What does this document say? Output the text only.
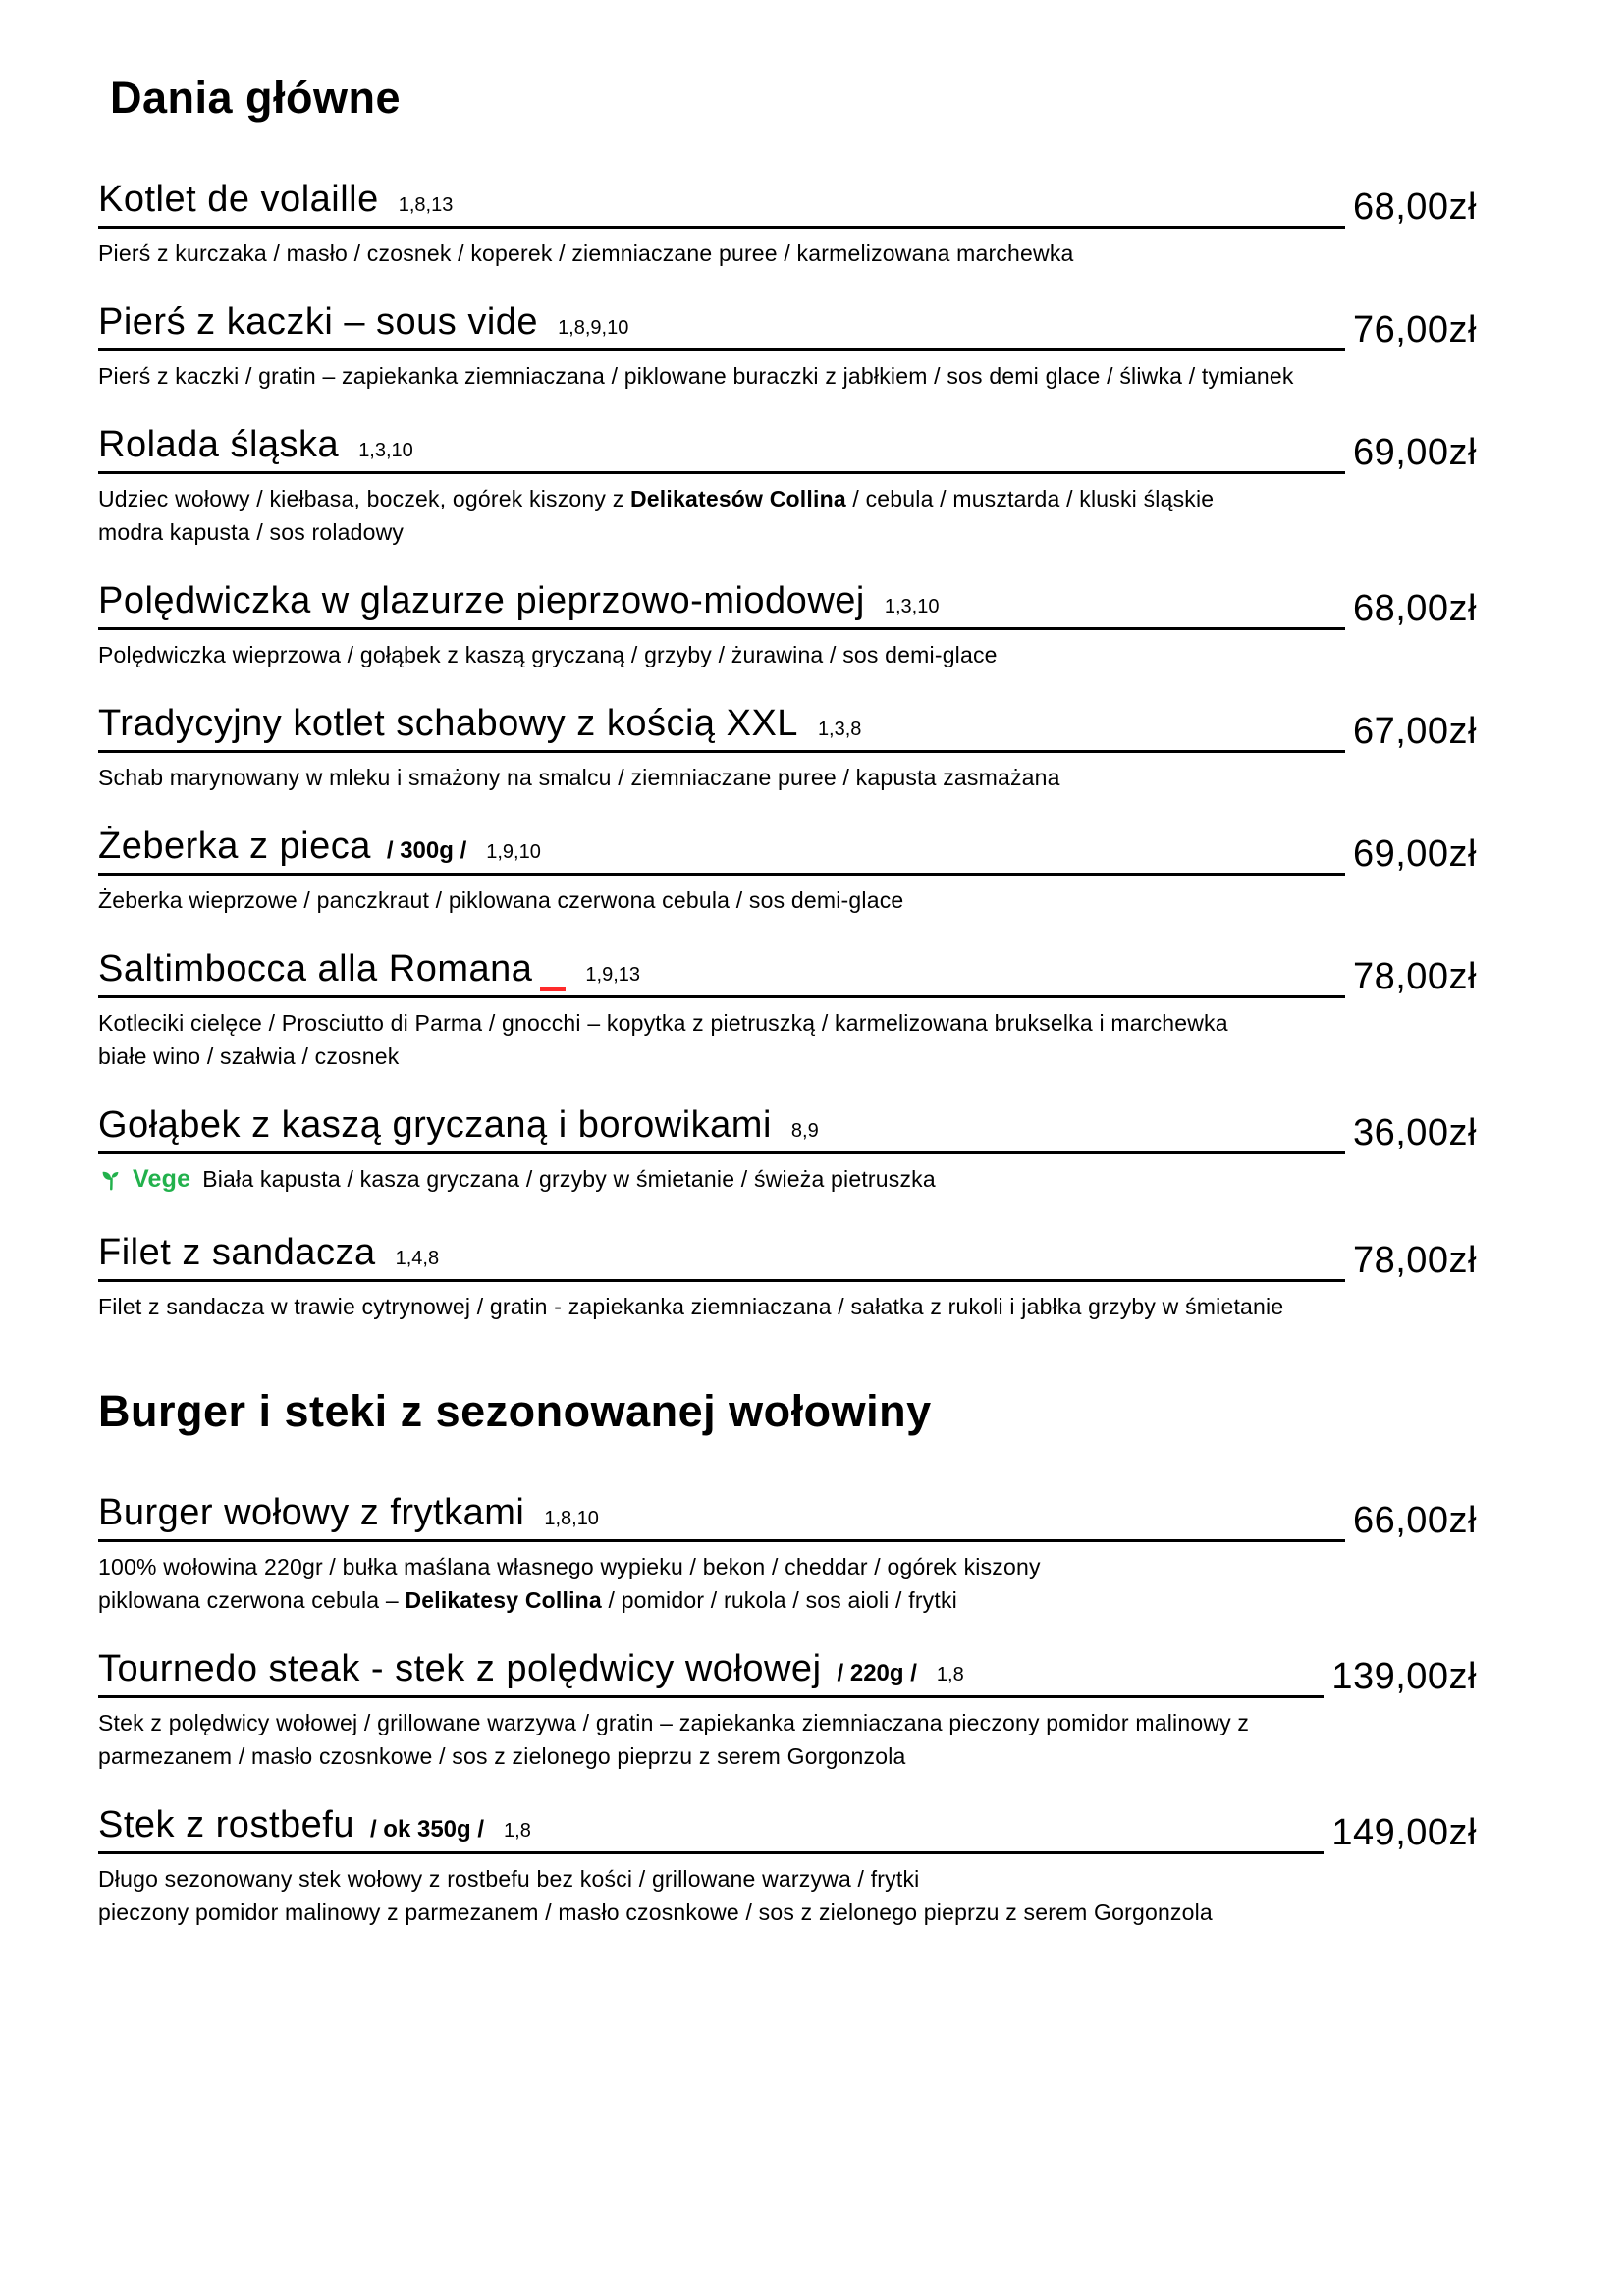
Dania główne
Kotlet de volaille 1,8,13	68,00zł
Pierś z kurczaka / masło / czosnek / koperek / ziemniaczane puree / karmelizowana marchewka
Pierś z kaczki – sous vide 1,8,9,10	76,00zł
Pierś z kaczki / gratin – zapiekanka ziemniaczana / piklowane buraczki z jabłkiem / sos demi glace / śliwka / tymianek
Rolada śląska 1,3,10	69,00zł
Udziec wołowy / kiełbasa, boczek, ogórek kiszony z Delikatesów Collina / cebula / musztarda / kluski śląskie
modra kapusta / sos roladowy
Polędwiczka w glazurze pieprzowo-miodowej 1,3,10	68,00zł
Polędwiczka wieprzowa / gołąbek z kaszą gryczaną / grzyby / żurawina / sos demi-glace
Tradycyjny kotlet schabowy z kością XXL 1,3,8	67,00zł
Schab marynowany w mleku i smażony na smalcu / ziemniaczane puree / kapusta zasmażana
Żeberka z pieca / 300g / 1,9,10	69,00zł
Żeberka wieprzowe / panczkraut / piklowana czerwona cebula / sos demi-glace
Saltimbocca alla Romana	1,9,13	78,00zł
Kotleciki cielęce / Prosciutto di Parma / gnocchi – kopytka z pietruszką / karmelizowana brukselka i marchewka
białe wino / szałwia / czosnek
Gołąbek z kaszą gryczaną i borowikami 8,9	36,00zł
Vege Biała kapusta / kasza gryczana / grzyby w śmietanie / świeża pietruszka
Filet z sandacza 1,4,8	78,00zł
Filet z sandacza w trawie cytrynowej / gratin - zapiekanka ziemniaczana / sałatka z rukoli i jabłka grzyby w śmietanie
Burger i steki z sezonowanej wołowiny
Burger wołowy z frytkami 1,8,10	66,00zł
100% wołowina 220gr / bułka maślana własnego wypieku / bekon / cheddar / ogórek kiszony
piklowana czerwona cebula – Delikatesy Collina / pomidor / rukola / sos aioli / frytki
Tournedo steak - stek z polędwicy wołowej / 220g / 1,8	139,00zł
Stek z polędwicy wołowej / grillowane warzywa / gratin – zapiekanka ziemniaczana pieczony pomidor malinowy z
parmezanem / masło czosnkowe / sos z zielonego pieprzu z serem Gorgonzola
Stek z rostbefu / ok 350g / 1,8	149,00zł
Długo sezonowany stek wołowy z rostbefu bez kości / grillowane warzywa / frytki
pieczony pomidor malinowy z parmezanem / masło czosnkowe / sos z zielonego pieprzu z serem Gorgonzola
